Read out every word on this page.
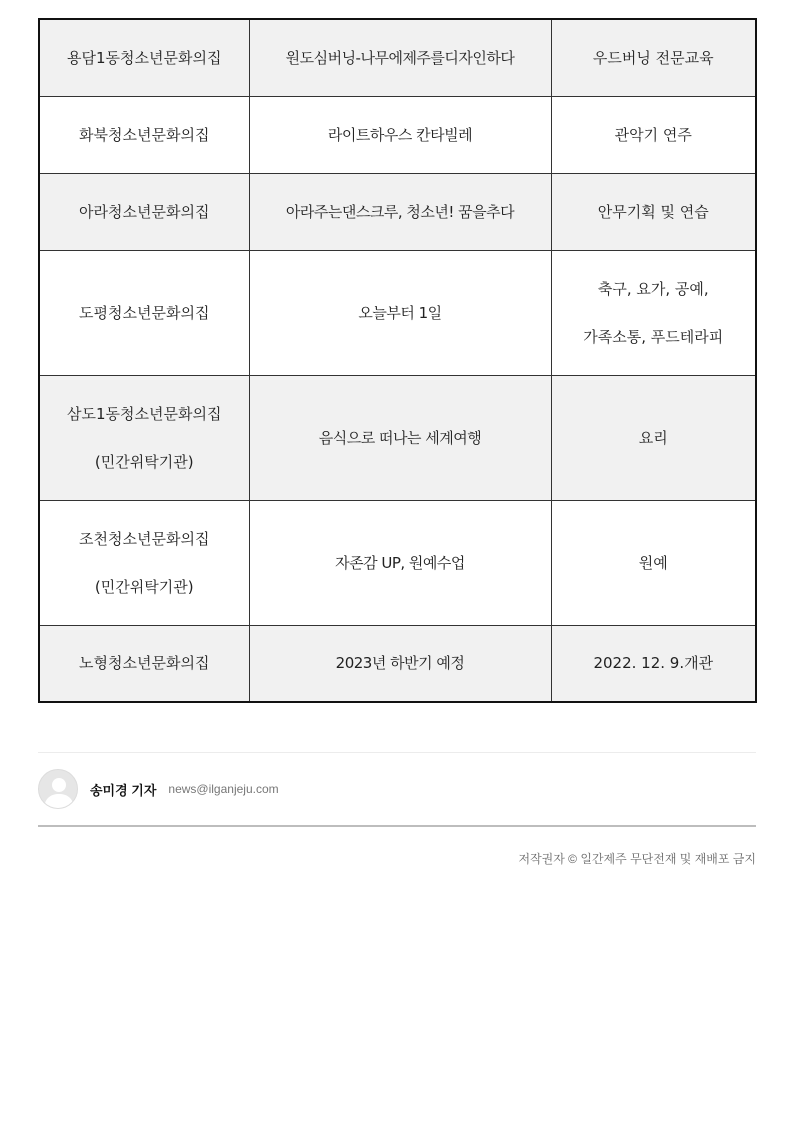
용담1동청소년문화의집	원도심버닝-나무에제주를디자인하다	우드버닝 전문교육

화북청소년문화의집	라이트하우스 칸타빌레	관악기 연주

아라청소년문화의집	아라주는댄스크루, 청소년! 꿈을추다	안무기획 및 연습

도평청소년문화의집	오늘부터 1일	축구, 요가, 공예,
가족소통, 푸드테라피

삼도1동청소년문화의집
(민간위탁기관)	음식으로 떠나는 세계여행	요리

조천청소년문화의집
(민간위탁기관)	자존감 UP, 원예수업	원예

노형청소년문화의집	2023년 하반기 예정	2022. 12. 9.개관
송미경 기자 news@ilganjeju.com
저작권자 © 일간제주 무단전재 및 재배포 금지
